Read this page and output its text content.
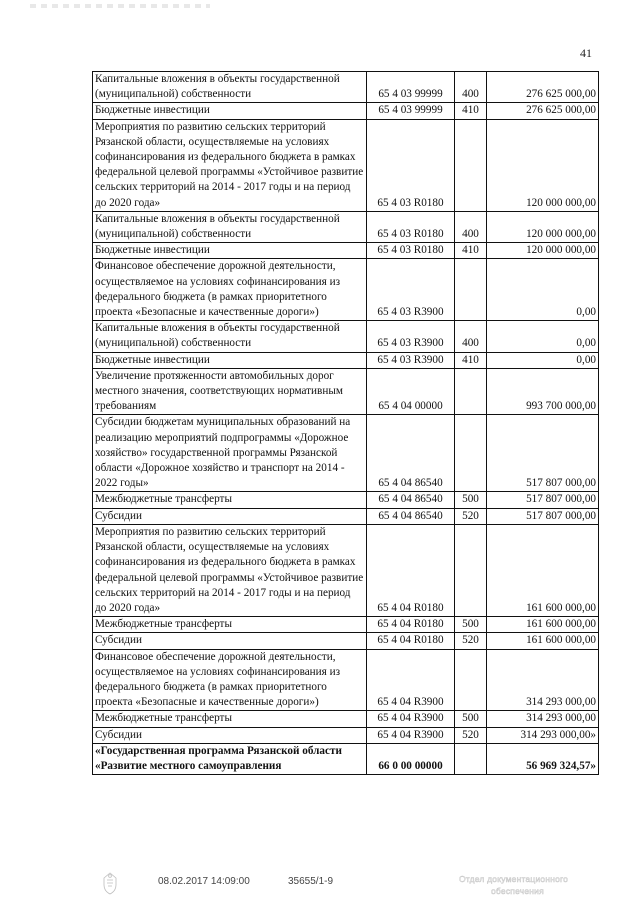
41
Капитальные вложения в объекты государственной (муниципальной) собственности	65 4 03 99999	400	276 625 000,00
Бюджетные инвестиции	65 4 03 99999	410	276 625 000,00
Мероприятия по развитию сельских территорий Рязанской области, осуществляемые на условиях софинансирования из федерального бюджета в рамках федеральной целевой программы «Устойчивое развитие сельских территорий на 2014 - 2017 годы и на период до 2020 года»	65 4 03 R0180		120 000 000,00
Капитальные вложения в объекты государственной (муниципальной) собственности	65 4 03 R0180	400	120 000 000,00
Бюджетные инвестиции	65 4 03 R0180	410	120 000 000,00
Финансовое обеспечение дорожной деятельности, осуществляемое на условиях софинансирования из федерального бюджета (в рамках приоритетного проекта «Безопасные и качественные дороги»)	65 4 03 R3900		0,00
Капитальные вложения в объекты государственной (муниципальной) собственности	65 4 03 R3900	400	0,00
Бюджетные инвестиции	65 4 03 R3900	410	0,00
Увеличение протяженности автомобильных дорог местного значения, соответствующих нормативным требованиям	65 4 04 00000		993 700 000,00
Субсидии бюджетам муниципальных образований на реализацию мероприятий подпрограммы «Дорожное хозяйство» государственной программы Рязанской области «Дорожное хозяйство и транспорт на 2014 - 2022 годы»	65 4 04 86540		517 807 000,00
Межбюджетные трансферты	65 4 04 86540	500	517 807 000,00
Субсидии	65 4 04 86540	520	517 807 000,00
Мероприятия по развитию сельских территорий Рязанской области, осуществляемые на условиях софинансирования из федерального бюджета в рамках федеральной целевой программы «Устойчивое развитие сельских территорий на 2014 - 2017 годы и на период до 2020 года»	65 4 04 R0180		161 600 000,00
Межбюджетные трансферты	65 4 04 R0180	500	161 600 000,00
Субсидии	65 4 04 R0180	520	161 600 000,00
Финансовое обеспечение дорожной деятельности, осуществляемое на условиях софинансирования из федерального бюджета (в рамках приоритетного проекта «Безопасные и качественные дороги»)	65 4 04 R3900		314 293 000,00
Межбюджетные трансферты	65 4 04 R3900	500	314 293 000,00
Субсидии	65 4 04 R3900	520	314 293 000,00»
«Государственная программа Рязанской области «Развитие местного самоуправления	66 0 00 00000		56 969 324,57»
08.02.2017 14:09:00	35655/1-9	Отдел документационного
обеспечения
